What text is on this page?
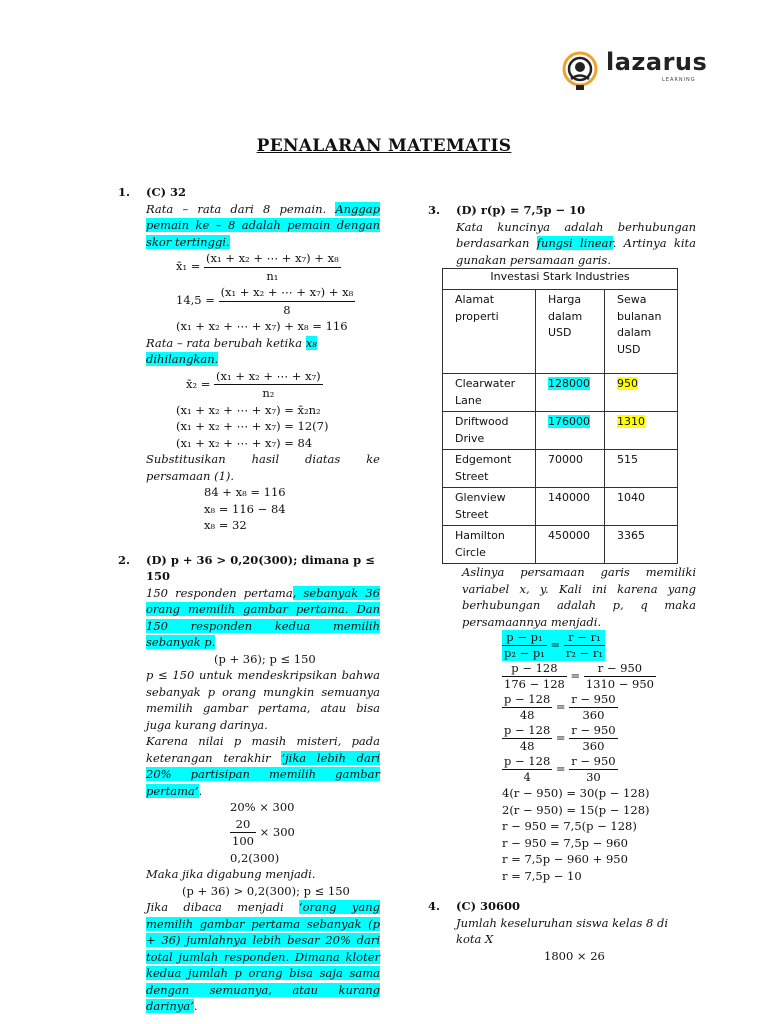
lazarus
LEARNING
PENALARAN MATEMATIS
1. (C) 32
Rata – rata dari 8 pemain. Anggap pemain ke – 8 adalah pemain dengan skor tertinggi.
x̄₁ = $\frac{\text{(x₁ + x₂ + ⋯ + x₇) + x₈}}{\text{n₁}}$
$14,5 = \frac{\text{(x₁ + x₂ + ⋯ + x₇) + x₈}}{8}$
(x₁ + x₂ + ⋯ + x₇) + x₈ = 116
Rata – rata berubah ketika x₈ dihilangkan.
x̄₂ = $\frac{\text{(x₁ + x₂ + ⋯ + x₇)}}{\text{n₂}}$
(x₁ + x₂ + ⋯ + x₇) = x̄₂n₂
(x₁ + x₂ + ⋯ + x₇) = 12(7)
(x₁ + x₂ + ⋯ + x₇) = 84
Substitusikan hasil diatas ke persamaan (1).
84 + x₈ = 116
x₈ = 116 − 84
x₈ = 32
2. (D) p + 36 > 0,20(300); dimana p ≤
150
150 responden pertama, sebanyak 36 orang memilih gambar pertama. Dan 150 responden kedua memilih sebanyak p.
(p + 36); p ≤ 150
p ≤ 150 untuk mendeskripsikan bahwa sebanyak p orang mungkin semuanya memilih gambar pertama, atau bisa juga kurang darinya.
Karena nilai p masih misteri, pada keterangan terakhir ‘jika lebih dari 20% partisipan memilih gambar pertama’.
20% × 300
$\frac{20}{100} \times 300$
0,2(300)
Maka jika digabung menjadi.
(p + 36) > 0,2(300); p ≤ 150
Jika dibaca menjadi ‘orang yang memilih gambar pertama sebanyak (p + 36) jumlahnya lebih besar 20% dari total jumlah responden. Dimana kloter kedua jumlah p orang bisa saja sama dengan semuanya, atau kurang darinya’.
3. (D) r(p) = 7,5p − 10
Kata kuncinya adalah berhubungan berdasarkan fungsi linear. Artinya kita gunakan persamaan garis.
Investasi Stark Industries		
Alamat properti	Harga dalam USD	Sewa bulanan dalam USD
Clearwater Lane	128000	950
Driftwood Drive	176000	1310
Edgemont Street	70000	515
Glenview Street	140000	1040
Hamilton Circle	450000	3365
Aslinya persamaan garis memiliki variabel x, y. Kali ini karena yang berhubungan adalah p, q maka persamaannya menjadi.
$\frac{\text{p − p₁}}{\text{p₂ − p₁}} = \frac{\text{r − r₁}}{\text{r₂ − r₁}}$
$\frac{p - 128}{176 - 128} = \frac{r - 950}{1310 - 950}$
$\frac{p - 128}{48} = \frac{r - 950}{360}$
$\frac{p - 128}{48} = \frac{r - 950}{360}$
$\frac{p - 128}{4} = \frac{r - 950}{30}$
4(r − 950) = 30(p − 128)
2(r − 950) = 15(p − 128)
r − 950 = 7,5(p − 128)
r − 950 = 7,5p − 960
r = 7,5p − 960 + 950
r = 7,5p − 10
4. (C) 30600
Jumlah keseluruhan siswa kelas 8 di kota X
1800 × 26
